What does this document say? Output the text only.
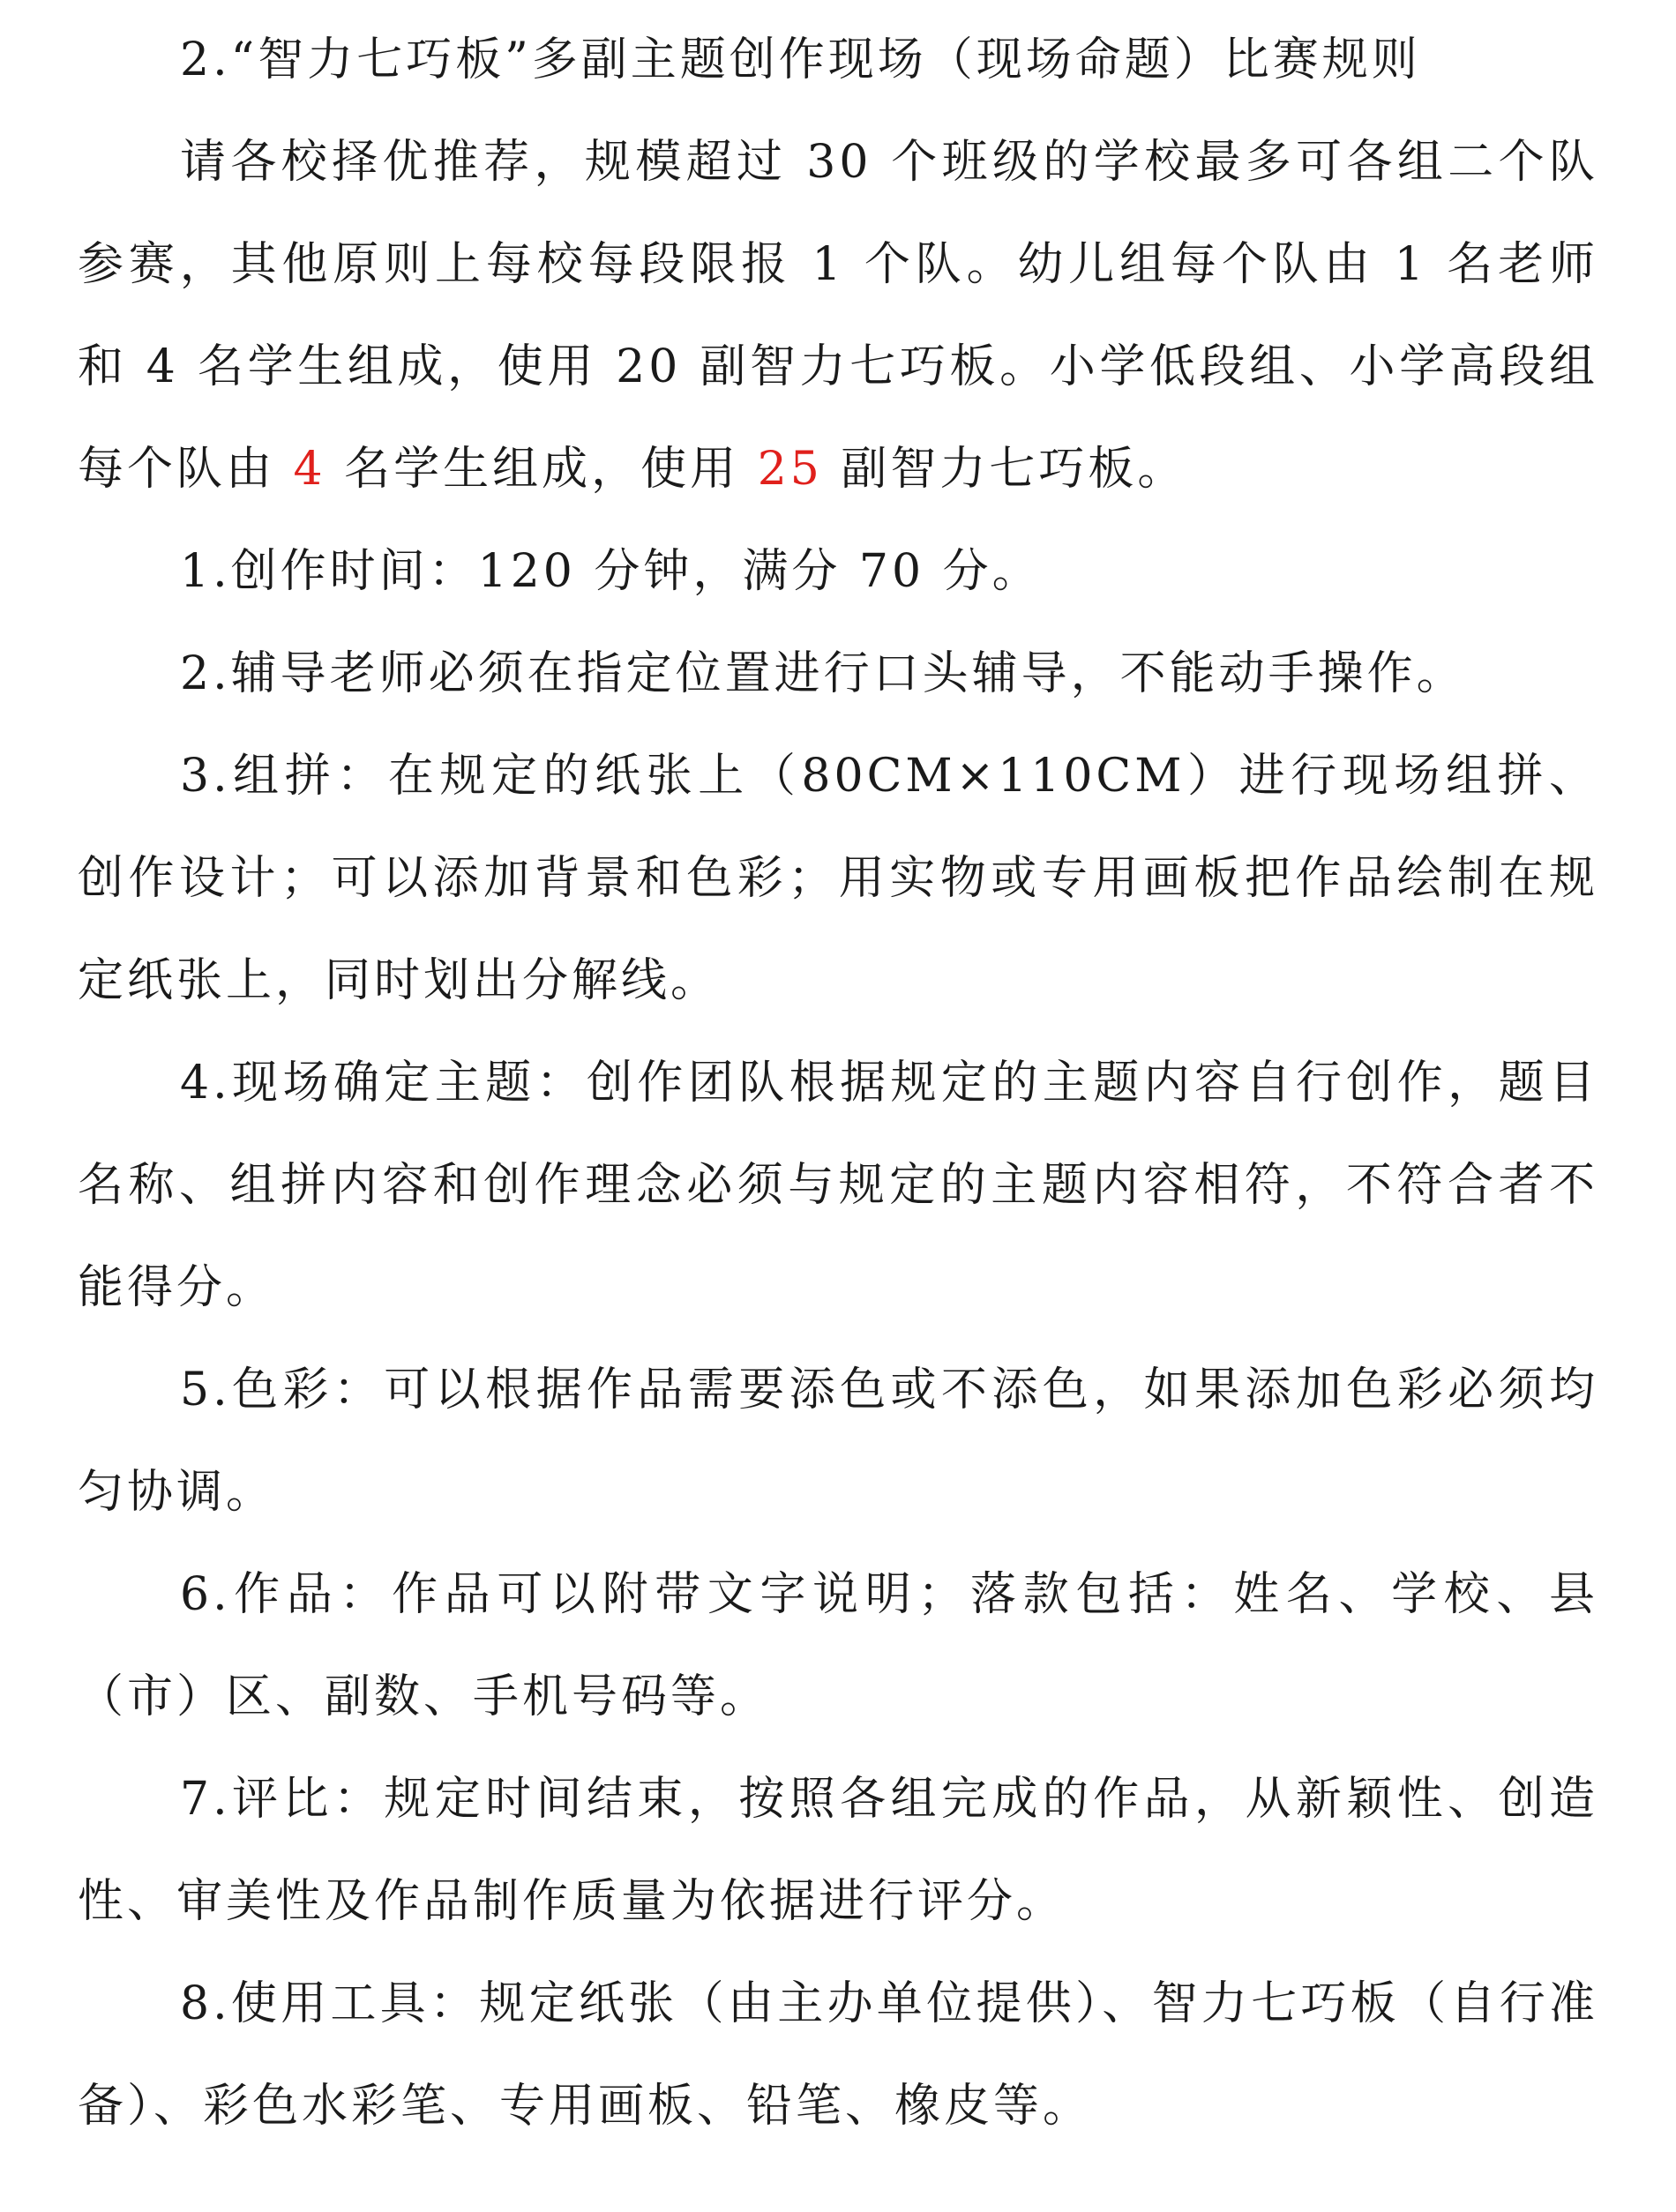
2.“智力七巧板”多副主题创作现场（现场命题）比赛规则

请各校择优推荐，规模超过 30 个班级的学校最多可各组二个队参赛，其他原则上每校每段限报 1 个队。幼儿组每个队由 1 名老师和 4 名学生组成，使用 20 副智力七巧板。小学低段组、小学高段组每个队由 4 名学生组成，使用 25 副智力七巧板。

1.创作时间：120 分钟，满分 70 分。

2.辅导老师必须在指定位置进行口头辅导，不能动手操作。

3.组拼：在规定的纸张上（80CM×110CM）进行现场组拼、创作设计；可以添加背景和色彩；用实物或专用画板把作品绘制在规定纸张上，同时划出分解线。

4.现场确定主题：创作团队根据规定的主题内容自行创作，题目名称、组拼内容和创作理念必须与规定的主题内容相符，不符合者不能得分。

5.色彩：可以根据作品需要添色或不添色，如果添加色彩必须均匀协调。

6.作品：作品可以附带文字说明；落款包括：姓名、学校、县（市）区、副数、手机号码等。

7.评比：规定时间结束，按照各组完成的作品，从新颖性、创造性、审美性及作品制作质量为依据进行评分。

8.使用工具：规定纸张（由主办单位提供）、智力七巧板（自行准备）、彩色水彩笔、专用画板、铅笔、橡皮等。
